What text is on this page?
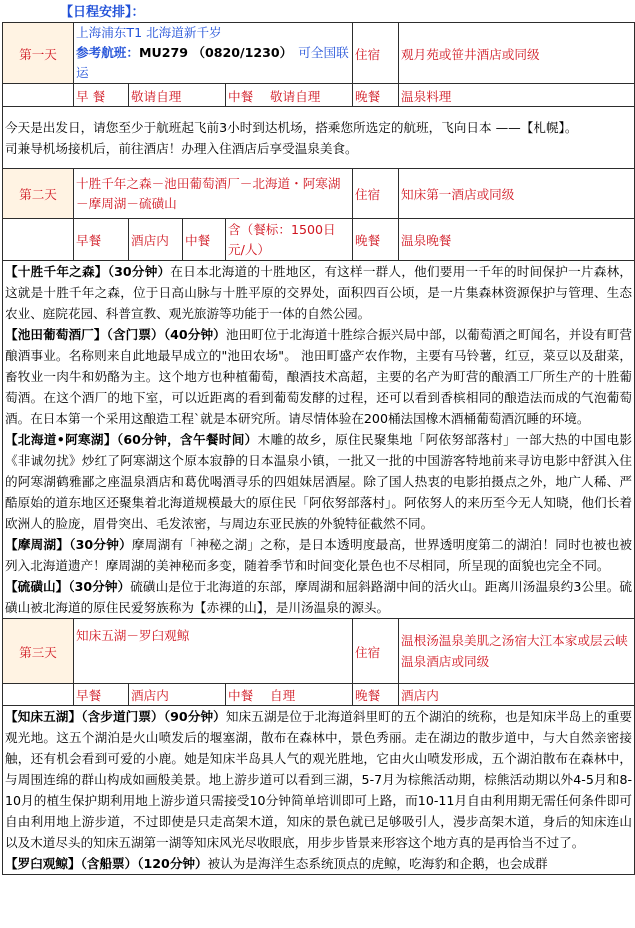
【日程安排】：
第一天	上海浦东T1 北海道新千岁
参考航班：MU279 （0820/1230） 可全国联运				住宿	观月苑或笹井酒店或同级

	早 餐	敬请自理		中餐 敬请自理	晚餐	温泉料理

今天是出发日，请您至少于航班起飞前3小时到达机场，搭乘您所选定的航班，飞向日本 ——【札幌】。
司兼导机场接机后，前往酒店！办理入住酒店后享受温泉美食。						

第二天	十胜千年之森－池田葡萄酒厂－北海道・阿寒湖－摩周湖－硫磺山				住宿	知床第一酒店或同级
	早餐	酒店内	中餐	含（餐标：1500日元/人）	晚餐	温泉晚餐

【十胜千年之森】（30分钟）在日本北海道的十胜地区，有这样一群人，他们要用一千年的时间保护一片森林，这就是十胜千年之森，位于日高山脉与十胜平原的交界处，面积四百公顷，是一片集森林资源保护与管理、生态农业、庭院花园、科普宣教、观光旅游等功能于一体的自然公园。
【池田葡萄酒厂】（含门票）（40分钟）池田町位于北海道十胜综合振兴局中部，以葡萄酒之町闻名，并设有町营酿酒事业。名称则来自此地最早成立的"池田农场"。 池田町盛产农作物，主要有马铃薯，红豆，菜豆以及甜菜，畜牧业一肉牛和奶酪为主。这个地方也种植葡萄，酿酒技术高超，主要的名产为町营的酿酒工厂所生产的十胜葡萄酒。在这个酒厂的地下室，可以近距离的看到葡萄发酵的过程，还可以看到香槟相同的酿造法而成的气泡葡萄酒。在日本第一个采用这酿造工程`就是本研究所。请尽情体验在200桶法国橡木酒桶葡萄酒沉睡的环境。
【北海道•阿寒湖】（60分钟，含午餐时间）木雕的故乡，原住民聚集地「阿依努部落村」一部大热的中国电影《非诚勿扰》炒红了阿寒湖这个原本寂静的日本温泉小镇，一批又一批的中国游客特地前来寻访电影中舒淇入住的阿寒湖鹤雅鄙之座温泉酒店和葛优喝酒寻乐的四姐妹居酒屋。除了国人热衷的电影拍摄点之外，地广人稀、严酷原始的道东地区还聚集着北海道规模最大的原住民「阿依努部落村」。阿依努人的来历至今无人知晓，他们长着欧洲人的脸庞，眉骨突出、毛发浓密，与周边东亚民族的外貌特征截然不同。
【摩周湖】（30分钟）摩周湖有「神秘之湖」之称，是日本透明度最高，世界透明度第二的湖泊！同时也被也被列入北海道遗产！摩周湖的美神秘而多变，随着季节和时间变化景色也不尽相同，所呈现的面貌也完全不同。
【硫磺山】（30分钟）硫磺山是位于北海道的东部，摩周湖和屈斜路湖中间的活火山。距离川汤温泉约3公里。硫磺山被北海道的原住民爱努族称为【赤裸的山】，是川汤温泉的源头。						

第三天	知床五湖－罗臼观鲸				住宿	温根汤温泉美肌之汤宿大江本家或层云峡温泉酒店或同级
	早餐	酒店内		中餐 自理	晚餐	酒店内

【知床五湖】（含步道门票）（90分钟）知床五湖是位于北海道斜里町的五个湖泊的统称，也是知床半岛上的重要观光地。这五个湖泊是火山喷发后的堰塞湖，散布在森林中，景色秀丽。走在湖边的散步道中，与大自然亲密接触，还有机会看到可爱的小鹿。她是知床半岛具人气的观光胜地，它由火山喷发形成，五个湖泊散布在森林中，与周围连绵的群山构成如画般美景。地上游步道可以看到三湖，5-7月为棕熊活动期，棕熊活动期以外4-5月和8-10月的植生保护期利用地上游步道只需接受10分钟简单培训即可上路，而10-11月自由利用期无需任何条件即可自由利用地上游步道，不过即使是只走高架木道，知床的景色就已足够吸引人，漫步高架木道，身后的知床连山以及木道尽头的知床五湖第一湖等知床风光尽收眼底，用步步皆景来形容这个地方真的是再恰当不过了。
【罗臼观鲸】（含船票）（120分钟）被认为是海洋生态系统顶点的虎鲸，吃海豹和企鹅，也会成群						
